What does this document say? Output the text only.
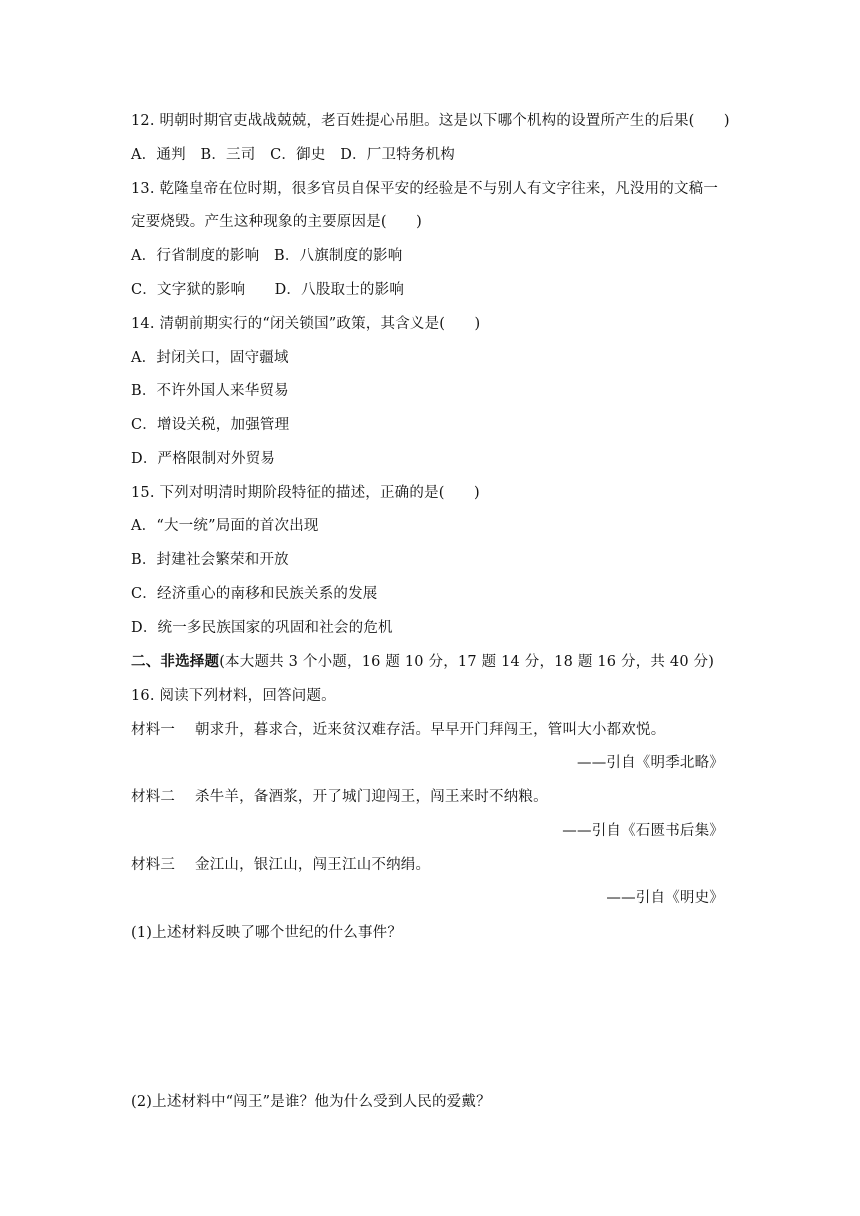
12. 明朝时期官吏战战兢兢，老百姓提心吊胆。这是以下哪个机构的设置所产生的后果(　　)
A．通判　B．三司　C．御史　D．厂卫特务机构
13. 乾隆皇帝在位时期，很多官员自保平安的经验是不与别人有文字往来，凡没用的文稿一
定要烧毁。产生这种现象的主要原因是(　　)
A．行省制度的影响　B．八旗制度的影响
C．文字狱的影响　　D．八股取士的影响
14. 清朝前期实行的“闭关锁国”政策，其含义是(　　)
A．封闭关口，固守疆域
B．不许外国人来华贸易
C．增设关税，加强管理
D．严格限制对外贸易
15. 下列对明清时期阶段特征的描述，正确的是(　　)
A．“大一统”局面的首次出现
B．封建社会繁荣和开放
C．经济重心的南移和民族关系的发展
D．统一多民族国家的巩固和社会的危机
二、非选择题(本大题共 3 个小题，16 题 10 分，17 题 14 分，18 题 16 分，共 40 分)
16. 阅读下列材料，回答问题。
材料一 朝求升，暮求合，近来贫汉难存活。早早开门拜闯王，管叫大小都欢悦。
——引自《明季北略》
材料二 杀牛羊，备酒浆，开了城门迎闯王，闯王来时不纳粮。
——引自《石匮书后集》
材料三 金江山，银江山，闯王江山不纳绢。
——引自《明史》
(1)上述材料反映了哪个世纪的什么事件？
(2)上述材料中“闯王”是谁？他为什么受到人民的爱戴？
